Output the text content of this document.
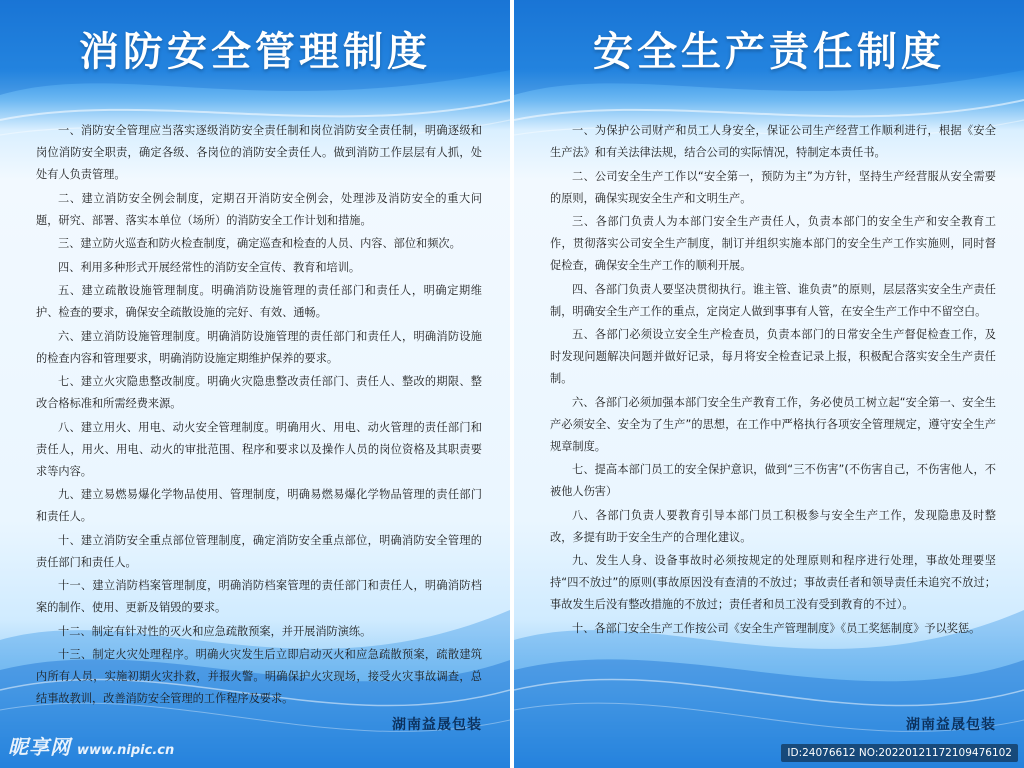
消防安全管理制度

一、消防安全管理应当落实逐级消防安全责任制和岗位消防安全责任制，明确逐级和岗位消防安全职责，确定各级、各岗位的消防安全责任人。做到消防工作层层有人抓，处处有人负责管理。

二、建立消防安全例会制度，定期召开消防安全例会，处理涉及消防安全的重大问题，研究、部署、落实本单位（场所）的消防安全工作计划和措施。

三、建立防火巡查和防火检查制度，确定巡查和检查的人员、内容、部位和频次。

四、利用多种形式开展经常性的消防安全宣传、教育和培训。

五、建立疏散设施管理制度。明确消防设施管理的责任部门和责任人，明确定期维护、检查的要求，确保安全疏散设施的完好、有效、通畅。

六、建立消防设施管理制度。明确消防设施管理的责任部门和责任人，明确消防设施的检查内容和管理要求，明确消防设施定期维护保养的要求。

七、建立火灾隐患整改制度。明确火灾隐患整改责任部门、责任人、整改的期限、整改合格标准和所需经费来源。

八、建立用火、用电、动火安全管理制度。明确用火、用电、动火管理的责任部门和责任人，用火、用电、动火的审批范围、程序和要求以及操作人员的岗位资格及其职责要求等内容。

九、建立易燃易爆化学物品使用、管理制度，明确易燃易爆化学物品管理的责任部门和责任人。

十、建立消防安全重点部位管理制度，确定消防安全重点部位，明确消防安全管理的责任部门和责任人。

十一、建立消防档案管理制度，明确消防档案管理的责任部门和责任人，明确消防档案的制作、使用、更新及销毁的要求。

十二、制定有针对性的灭火和应急疏散预案，并开展消防演练。

十三、制定火灾处理程序。明确火灾发生后立即启动灭火和应急疏散预案，疏散建筑内所有人员，实施初期火灾扑救，并报火警。明确保护火灾现场，接受火灾事故调查，总结事故教训，改善消防安全管理的工作程序及要求。

湖南益晟包装
昵享网 www.nipic.cn
安全生产责任制度

一、为保护公司财产和员工人身安全，保证公司生产经营工作顺利进行，根据《安全生产法》和有关法律法规，结合公司的实际情况，特制定本责任书。

二、公司安全生产工作以“安全第一，预防为主”为方针，坚持生产经营服从安全需要的原则，确保实现安全生产和文明生产。

三、各部门负责人为本部门安全生产责任人，负责本部门的安全生产和安全教育工作，贯彻落实公司安全生产制度，制订并组织实施本部门的安全生产工作实施则，同时督促检查，确保安全生产工作的顺利开展。

四、各部门负责人要坚决贯彻执行。谁主管、谁负责”的原则，层层落实安全生产责任制，明确安全生产工作的重点，定岗定人做到事事有人管，在安全生产工作中不留空白。

五、各部门必须设立安全生产检查员，负责本部门的日常安全生产督促检查工作，及时发现问题解决问题并做好记录，每月将安全检查记录上报，积极配合落实安全生产责任制。

六、各部门必须加强本部门安全生产教育工作，务必使员工树立起“安全第一、安全生产必须安全、安全为了生产”的思想，在工作中严格执行各项安全管理规定，遵守安全生产规章制度。

七、提高本部门员工的安全保护意识，做到“三不伤害”(不伤害自己，不伤害他人，不被他人伤害）

八、各部门负责人要教育引导本部门员工积极参与安全生产工作，发现隐患及时整改，多提有助于安全生产的合理化建议。

九、发生人身、设备事故时必须按规定的处理原则和程序进行处理，事故处理要坚持“四不放过”的原则(事故原因没有查清的不放过；事故责任者和领导责任未追究不放过；事故发生后没有整改措施的不放过；责任者和员工没有受到教育的不过）。

十、各部门安全生产工作按公司《安全生产管理制度》《员工奖惩制度》予以奖惩。

湖南益晟包装
ID:24076612 NO:20220121172109476102
